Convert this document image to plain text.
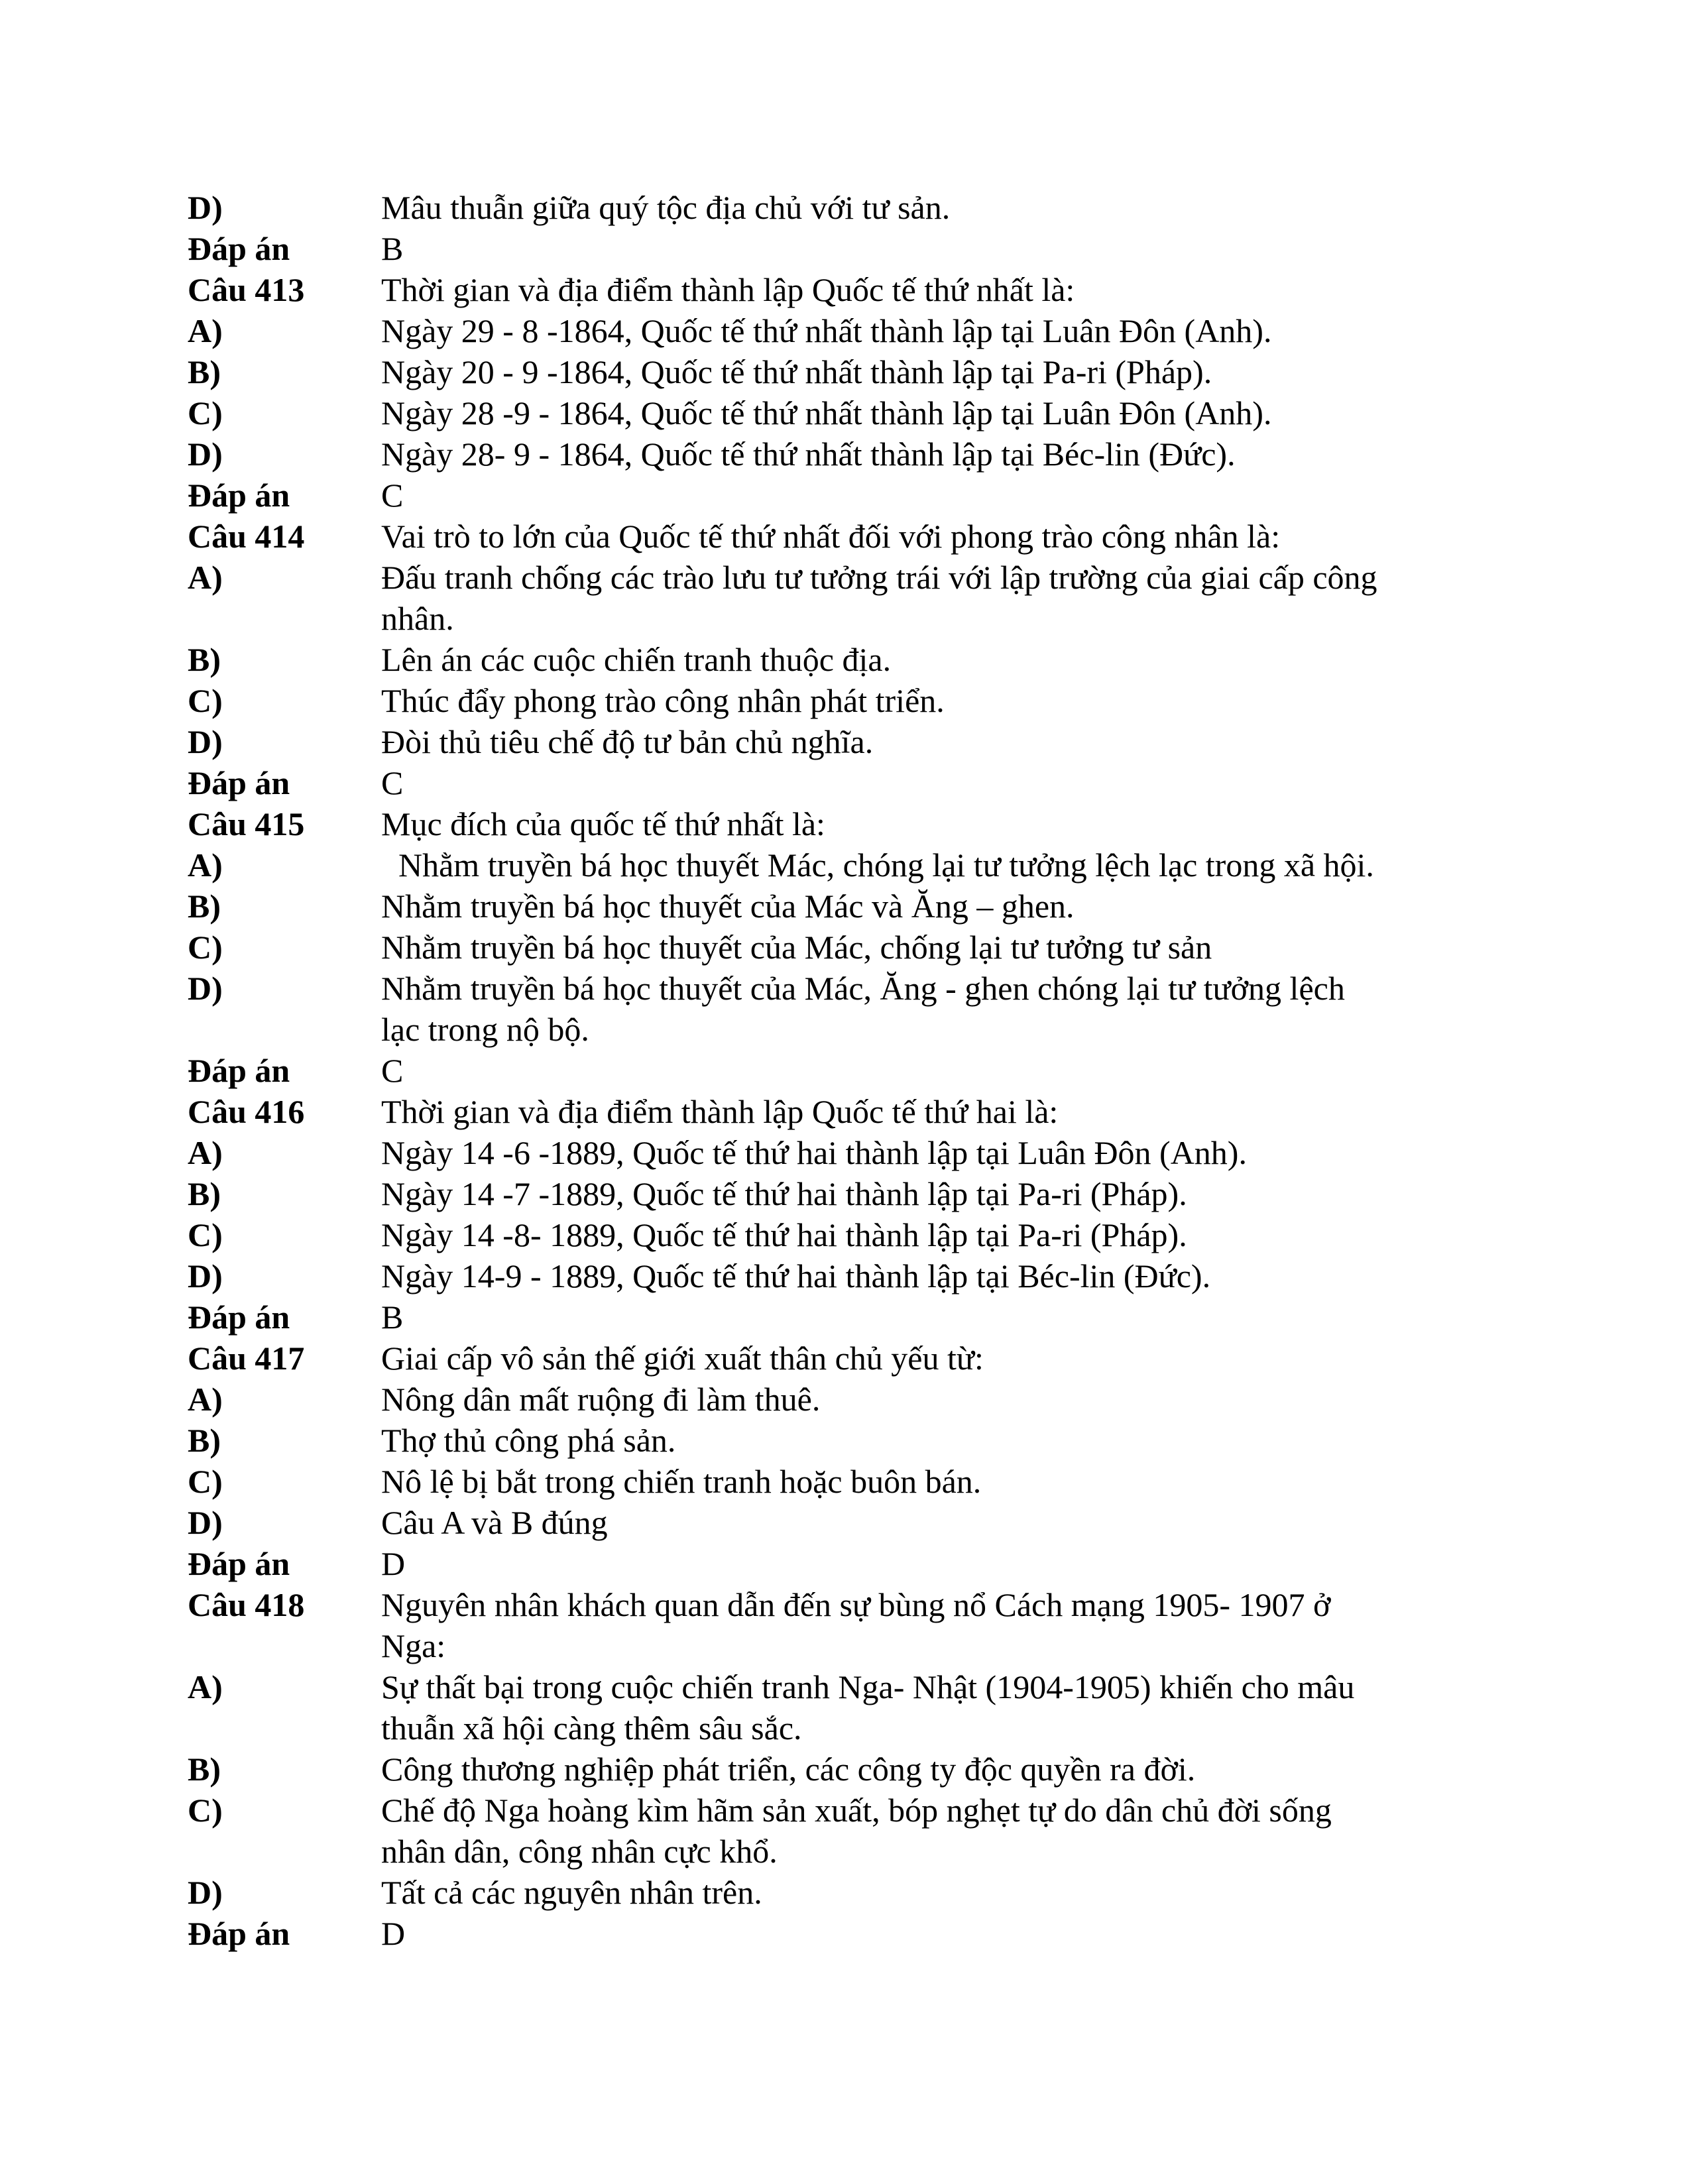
D)	Mâu thuẫn giữa quý tộc địa chủ với tư sản.
Đáp án	B
Câu 413	Thời gian và địa điểm thành lập Quốc tế thứ nhất là:
A)	Ngày 29 - 8 -1864, Quốc tế thứ nhất thành lập tại Luân Đôn (Anh).
B)	Ngày 20 - 9 -1864, Quốc tế thứ nhất thành lập tại Pa-ri (Pháp).
C)	Ngày 28 -9 - 1864, Quốc tế thứ nhất thành lập tại Luân Đôn (Anh).
D)	Ngày 28- 9 - 1864, Quốc tế thứ nhất thành lập tại Béc-lin (Đức).
Đáp án	C
Câu 414	Vai trò to lớn của Quốc tế thứ nhất đối với phong trào công nhân là:
A)	Đấu tranh chống các trào lưu tư tưởng trái với lập trường của giai cấp công
nhân.
B)	Lên án các cuộc chiến tranh thuộc địa.
C)	Thúc đẩy phong trào công nhân phát triển.
D)	Đòi thủ tiêu chế độ tư bản chủ nghĩa.
Đáp án	C
Câu 415	Mục đích của quốc tế thứ nhất là:
A)	Nhằm truyền bá học thuyết Mác, chóng lại tư tưởng lệch lạc trong xã hội.
B)	Nhằm truyền bá học thuyết của Mác và Ăng – ghen.
C)	Nhằm truyền bá học thuyết của Mác, chống lại tư tưởng tư sản
D)	Nhằm truyền bá học thuyết của Mác, Ăng - ghen chóng lại tư tưởng lệch
lạc trong nộ bộ.
Đáp án	C
Câu 416	Thời gian và địa điểm thành lập Quốc tế thứ hai là:
A)	Ngày 14 -6 -1889, Quốc tế thứ hai thành lập tại Luân Đôn (Anh).
B)	Ngày 14 -7 -1889, Quốc tế thứ hai thành lập tại Pa-ri (Pháp).
C)	Ngày 14 -8- 1889, Quốc tế thứ hai thành lập tại Pa-ri (Pháp).
D)	Ngày 14-9 - 1889, Quốc tế thứ hai thành lập tại Béc-lin (Đức).
Đáp án	B
Câu 417	Giai cấp vô sản thế giới xuất thân chủ yếu từ:
A)	Nông dân mất ruộng đi làm thuê.
B)	Thợ thủ công phá sản.
C)	Nô lệ bị bắt trong chiến tranh hoặc buôn bán.
D)	Câu A và B đúng
Đáp án	D
Câu 418	Nguyên nhân khách quan dẫn đến sự bùng nổ Cách mạng 1905- 1907 ở
Nga:
A)	Sự thất bại trong cuộc chiến tranh Nga- Nhật (1904-1905) khiến cho mâu
thuẫn xã hội càng thêm sâu sắc.
B)	Công thương nghiệp phát triển, các công ty độc quyền ra đời.
C)	Chế độ Nga hoàng kìm hãm sản xuất, bóp nghẹt tự do dân chủ đời sống
nhân dân, công nhân cực khổ.
D)	Tất cả các nguyên nhân trên.
Đáp án	D
